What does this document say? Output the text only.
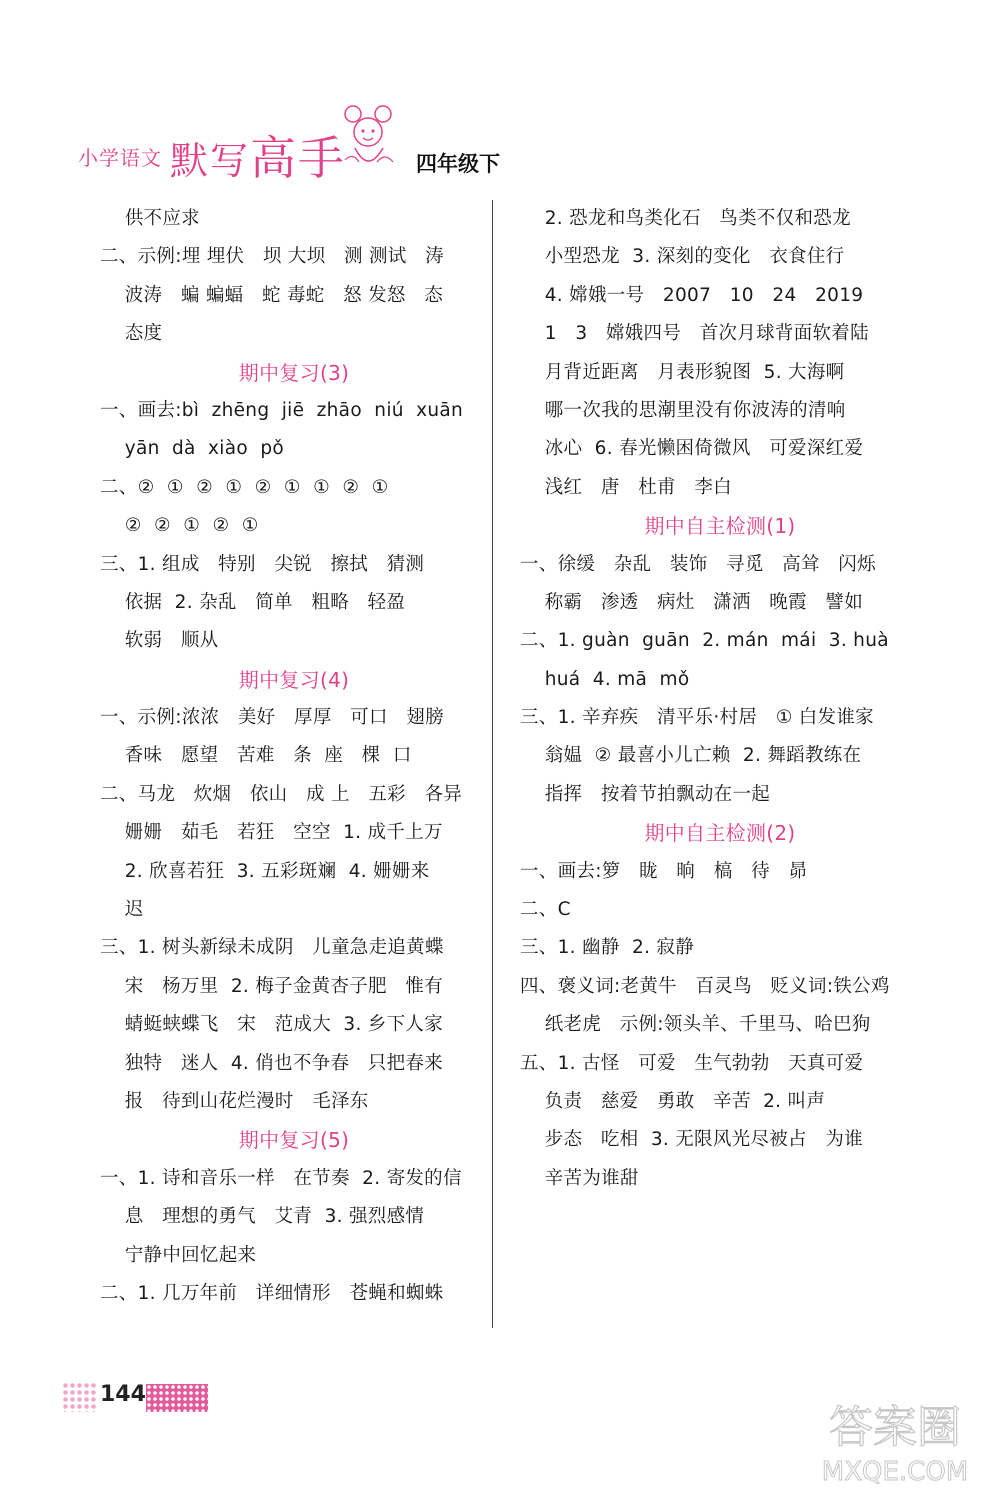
小学语文 默写高手	四年级下
供不应求
二、示例:埋 埋伏   坝 大坝   测 测试   涛
波涛   蝙 蝙蝠   蛇 毒蛇   怒 发怒   态
态度
期中复习(3)
一、画去:bì  zhēng  jiē  zhāo  niú  xuān
yān  dà  xiào  pǒ
二、②  ①  ②  ①  ②  ①  ①  ②  ①
②  ②  ①  ②  ①
三、1. 组成   特别   尖锐   擦拭   猜测
依据  2. 杂乱   简单   粗略   轻盈
软弱   顺从
期中复习(4)
一、示例:浓浓   美好   厚厚   可口   翅膀
香味   愿望   苦难   条  座   棵  口
二、马龙   炊烟   依山   成 上   五彩   各异
姗姗   茹毛   若狂   空空  1. 成千上万
2. 欣喜若狂  3. 五彩斑斓  4. 姗姗来
迟
三、1. 树头新绿未成阴   儿童急走追黄蝶
宋   杨万里  2. 梅子金黄杏子肥   惟有
蜻蜓蛱蝶飞   宋   范成大  3. 乡下人家
独特   迷人  4. 俏也不争春   只把春来
报   待到山花烂漫时   毛泽东
期中复习(5)
一、1. 诗和音乐一样   在节奏  2. 寄发的信
息   理想的勇气   艾青  3. 强烈感情
宁静中回忆起来
二、1. 几万年前   详细情形   苍蝇和蜘蛛
2. 恐龙和鸟类化石   鸟类不仅和恐龙
小型恐龙  3. 深刻的变化   衣食住行
4. 嫦娥一号   2007   10   24   2019
1   3   嫦娥四号   首次月球背面软着陆
月背近距离   月表形貌图  5. 大海啊
哪一次我的思潮里没有你波涛的清响
冰心  6. 春光懒困倚微风   可爱深红爱
浅红   唐   杜甫   李白
期中自主检测(1)
一、徐缓   杂乱   装饰   寻觅   高耸   闪烁
称霸   渗透   病灶   潇洒   晚霞   譬如
二、1. guàn  guān  2. mán  mái  3. huà
huá  4. mā  mǒ
三、1. 辛弃疾   清平乐·村居   ① 白发谁家
翁媪  ② 最喜小儿亡赖  2. 舞蹈教练在
指挥   按着节拍飘动在一起
期中自主检测(2)
一、画去:箩   眬   晌   槁   待   昴
二、C
三、1. 幽静  2. 寂静
四、褒义词:老黄牛   百灵鸟   贬义词:铁公鸡
纸老虎   示例:领头羊、千里马、哈巴狗
五、1. 古怪   可爱   生气勃勃   天真可爱
负责   慈爱   勇敢   辛苦  2. 叫声
步态   吃相  3. 无限风光尽被占   为谁
辛苦为谁甜
144
答案圈
MXQE.COM
